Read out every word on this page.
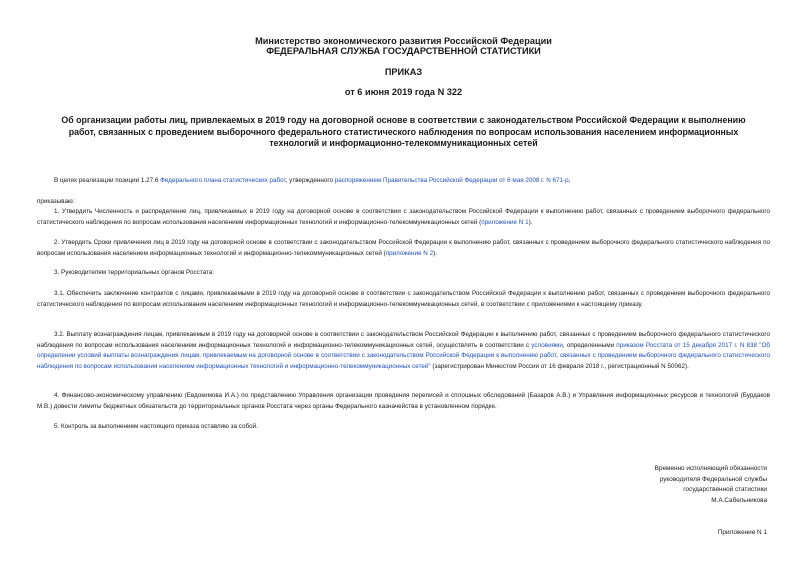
Министерство экономического развития Российской Федерации
ФЕДЕРАЛЬНАЯ СЛУЖБА ГОСУДАРСТВЕННОЙ СТАТИСТИКИ
ПРИКАЗ
от 6 июня 2019 года N 322
Об организации работы лиц, привлекаемых в 2019 году на договорной основе в соответствии с законодательством Российской Федерации к выполнению работ, связанных с проведением выборочного федерального статистического наблюдения по вопросам использования населением информационных технологий и информационно-телекоммуникационных сетей
В целях реализации позиции 1.27.6 Федерального плана статистических работ, утвержденного распоряжением Правительства Российской Федерации от 6 мая 2008 г. N 671-р,
приказываю:
1. Утвердить Численность и распределение лиц, привлекаемых в 2019 году на договорной основе в соответствии с законодательством Российской Федерации к выполнению работ, связанных с проведением выборочного федерального статистического наблюдения по вопросам использования населением информационных технологий и информационно-телекоммуникационных сетей (приложение N 1).
2. Утвердить Сроки привлечения лиц в 2019 году на договорной основе в соответствии с законодательством Российской Федерации к выполнению работ, связанных с проведением выборочного федерального статистического наблюдения по вопросам использования населением информационных технологий и информационно-телекоммуникационных сетей (приложение N 2).
3. Руководителям территориальных органов Росстата:
3.1. Обеспечить заключение контрактов с лицами, привлекаемыми в 2019 году на договорной основе в соответствии с законодательством Российской Федерации к выполнению работ, связанных с проведением выборочного федерального статистического наблюдения по вопросам использования населением информационных технологий и информационно-телекоммуникационных сетей, в соответствии с приложениями к настоящему приказу.
3.2. Выплату вознаграждения лицам, привлекаемым в 2019 году на договорной основе в соответствии с законодательством Российской Федерации к выполнению работ, связанных с проведением выборочного федерального статистического наблюдения по вопросам использования населением информационных технологий и информационно-телекоммуникационных сетей, осуществлять в соответствии с условиями, определенными приказом Росстата от 15 декабря 2017 г. N 838 "Об определении условий выплаты вознаграждения лицам, привлекаемым на договорной основе в соответствии с законодательством Российской Федерации к выполнению работ, связанных с проведением выборочного федерального статистического наблюдения по вопросам использования населением информационных технологий и информационно-телекоммуникационных сетей" (зарегистрирован Минюстом России от 16 февраля 2018 г., регистрационный N 50062).
4. Финансово-экономическому управлению (Евдокимова И.А.) по представлению Управления организации проведения переписей и сплошных обследований (Базаров А.В.) и Управления информационных ресурсов и технологий (Бурдаков М.В.) довести лимиты бюджетных обязательств до территориальных органов Росстата через органы Федерального казначейства в установленном порядке.
5. Контроль за выполнением настоящего приказа оставляю за собой.
Временно исполняющий обязанности
руководителя Федеральной службы
государственной статистики
М.А.Сабельникова
Приложение N 1
